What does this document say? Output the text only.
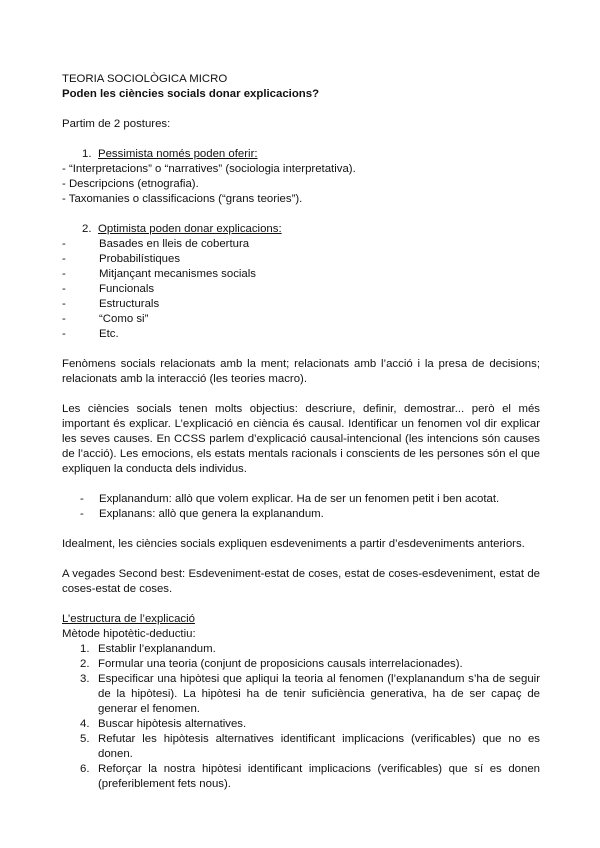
TEORIA SOCIOLÒGICA MICRO

Poden les ciències socials donar explicacions?

Partim de 2 postures:

1. Pessimista només poden oferir:

- “Interpretacions” o “narratives” (sociologia interpretativa).

- Descripcions (etnografia).

- Taxomanies o classificacions (“grans teories”).

2. Optimista poden donar explicacions:
-	Basades en lleis de cobertura
-	Probabilístiques
-	Mitjançant mecanismes socials
-	Funcionals
-	Estructurals
-	“Como si”
-	Etc.

Fenòmens socials relacionats amb la ment; relacionats amb l’acció i la presa de decisions; relacionats amb la interacció (les teories macro).

Les ciències socials tenen molts objectius: descriure, definir, demostrar... però el més important és explicar. L’explicació en ciència és causal. Identificar un fenomen vol dir explicar les seves causes. En CCSS parlem d’explicació causal-intencional (les intencions són causes de l’acció). Les emocions, els estats mentals racionals i conscients de les persones són el que expliquen la conducta dels individus.

-	Explanandum: allò que volem explicar. Ha de ser un fenomen petit i ben acotat.
-	Explanans: allò que genera la explanandum.

Idealment, les ciències socials expliquen esdeveniments a partir d’esdeveniments anteriors.

A vegades Second best: Esdeveniment-estat de coses, estat de coses-esdeveniment, estat de coses-estat de coses.

L’estructura de l’explicació

Mètode hipotètic-deductiu:

1. Establir l’explanandum.
2. Formular una teoria (conjunt de proposicions causals interrelacionades).
3. Especificar una hipòtesi que apliqui la teoria al fenomen (l’explanandum s’ha de seguir de la hipòtesi). La hipòtesi ha de tenir suficiència generativa, ha de ser capaç de generar el fenomen.
4. Buscar hipòtesis alternatives.
5. Refutar les hipòtesis alternatives identificant implicacions (verificables) que no es donen.
6. Reforçar la nostra hipòtesi identificant implicacions (verificables) que sí es donen (preferiblement fets nous).
